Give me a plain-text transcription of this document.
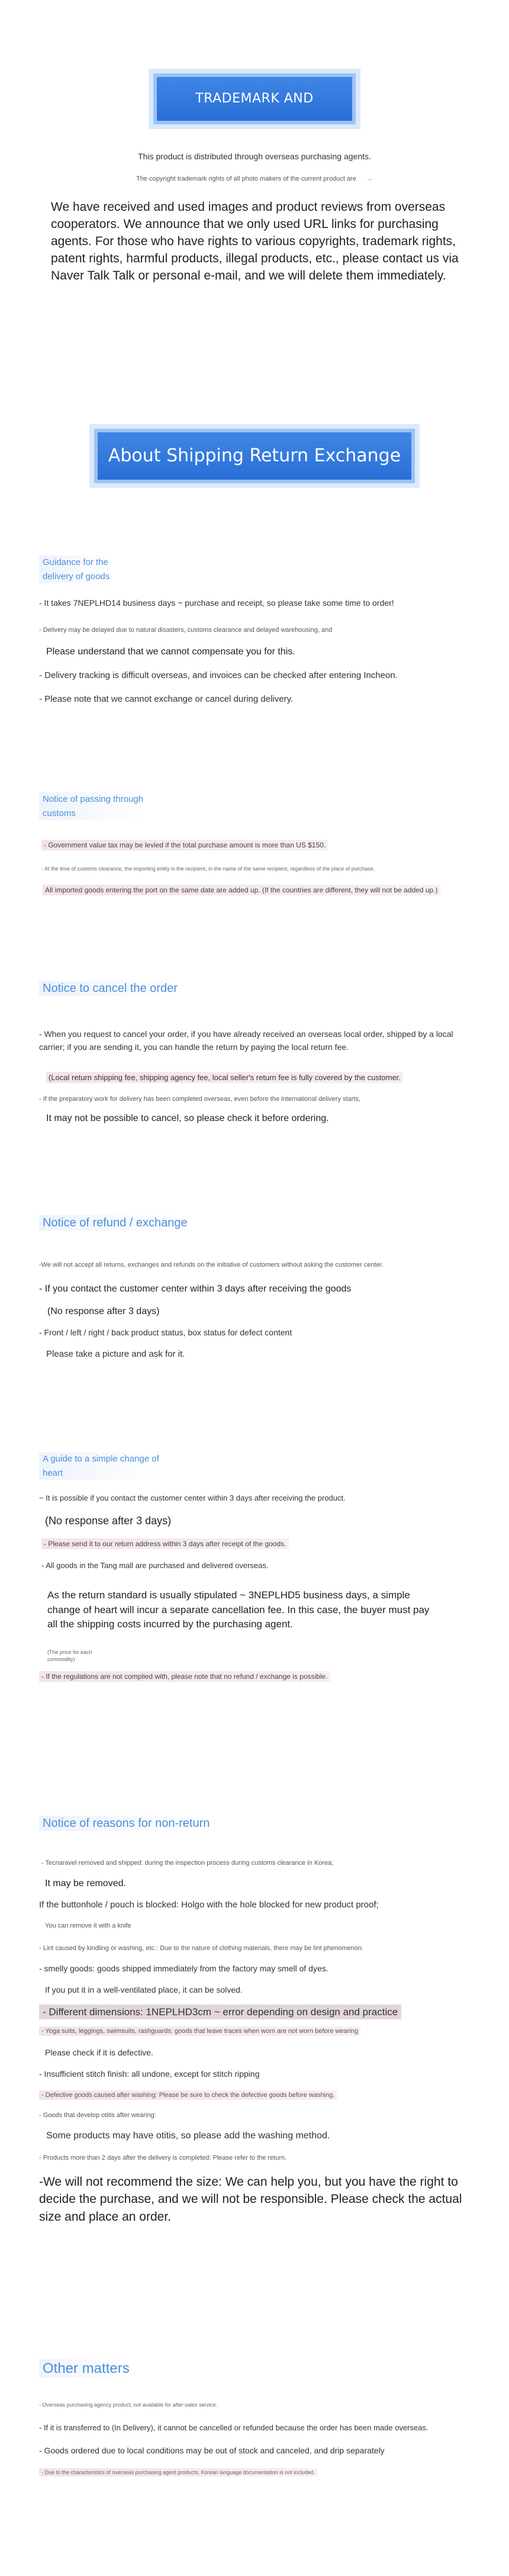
TRADEMARK AND COPYRIGHT
This product is distributed through overseas purchasing agents.
The copyright trademark rights of all photo makers of the current product are →
We have received and used images and product reviews from overseas cooperators. We announce that we only used URL links for purchasing agents. For those who have rights to various copyrights, trademark rights, patent rights, harmful products, illegal products, etc., please contact us via Naver Talk Talk or personal e-mail, and we will delete them immediately.
About Shipping Return Exchange
Guidance for the
delivery of goods
- It takes 7NEPLHD14 business days ~ purchase and receipt, so please take some time to order!
- Delivery may be delayed due to natural disasters, customs clearance and delayed warehousing, and
Please understand that we cannot compensate you for this.
- Delivery tracking is difficult overseas, and invoices can be checked after entering Incheon.
- Please note that we cannot exchange or cancel during delivery.
Notice of passing through
customs
- Government value tax may be levied if the total purchase amount is more than US $150.
- At the time of customs clearance, the importing entity is the recipient, in the name of the same recipient, regardless of the place of purchase,
All imported goods entering the port on the same date are added up. (If the countries are different, they will not be added up.)
Notice to cancel the order
- When you request to cancel your order, if you have already received an overseas local order, shipped by a local carrier; if you are sending it, you can handle the return by paying the local return fee.
(Local return shipping fee, shipping agency fee, local seller's return fee is fully covered by the customer.
- If the preparatory work for delivery has been completed overseas, even before the international delivery starts,
It may not be possible to cancel, so please check it before ordering.
Notice of refund / exchange
-We will not accept all returns, exchanges and refunds on the initiative of customers without asking the customer center.
- If you contact the customer center within 3 days after receiving the goods
(No response after 3 days)
- Front / left / right / back product status, box status for defect content
Please take a picture and ask for it.
A guide to a simple change of
heart
~ It is possible if you contact the customer center within 3 days after receiving the product.
(No response after 3 days)
- Please send it to our return address within 3 days after receipt of the goods.
- All goods in the Tang mall are purchased and delivered overseas.
As the return standard is usually stipulated ~ 3NEPLHD5 business days, a simple change of heart will incur a separate cancellation fee. In this case, the buyer must pay all the shipping costs incurred by the purchasing agent.
(The price for each
commodity)
- If the regulations are not complied with, please note that no refund / exchange is possible.
Notice of reasons for non-return
- Tecnaravel removed and shipped: during the inspection process during customs clearance in Korea;
It may be removed.
If the buttonhole / pouch is blocked: Holgo with the hole blocked for new product proof;
You can remove it with a knife
- Lint caused by kindling or washing, etc.: Due to the nature of clothing materials, there may be lint phenomenon.
- smelly goods: goods shipped immediately from the factory may smell of dyes.
If you put it in a well-ventilated place, it can be solved.
- Different dimensions: 1NEPLHD3cm ~ error depending on design and practice
- Yoga suits, leggings, swimsuits, rashguards: goods that leave traces when worn are not worn before wearing
Please check if it is defective.
- Insufficient stitch finish: all undone, except for stitch ripping
- Defective goods caused after washing: Please be sure to check the defective goods before washing.
- Goods that develop otitis after wearing:
Some products may have otitis, so please add the washing method.
- Products more than 2 days after the delivery is completed: Please refer to the return.
-We will not recommend the size: We can help you, but you have the right to decide the purchase, and we will not be responsible. Please check the actual size and place an order.
Other matters
- Overseas purchasing agency product, not available for after-sales service.
- If it is transferred to (In Delivery), it cannot be cancelled or refunded because the order has been made overseas.
- Goods ordered due to local conditions may be out of stock and canceled, and drip separately
- Due to the characteristics of overseas purchasing agent products, Korean language documentation is not included.
